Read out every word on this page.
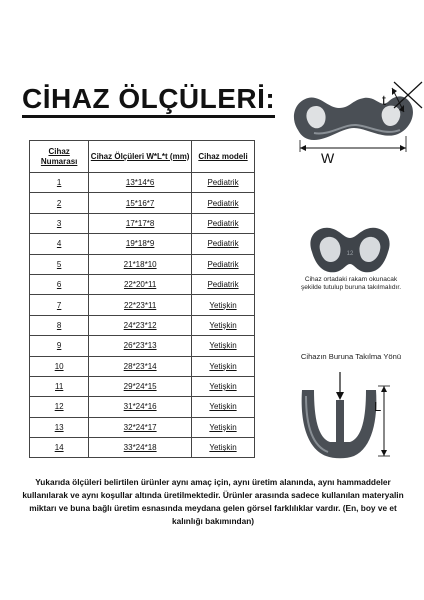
CİHAZ ÖLÇÜLERİ:
Cihaz Numarası	Cihaz Ölçüleri W*L*t (mm)	Cihaz modeli
1	13*14*6	Pediatrik
2	15*16*7	Pediatrik
3	17*17*8	Pediatrik
4	19*18*9	Pediatrik
5	21*18*10	Pediatrik
6	22*20*11	Pediatrik
7	22*23*11	Yetişkin
8	24*23*12	Yetişkin
9	26*23*13	Yetişkin
10	28*23*14	Yetişkin
11	29*24*15	Yetişkin
12	31*24*16	Yetişkin
13	32*24*17	Yetişkin
14	33*24*18	Yetişkin
W
t
12
Cihaz ortadaki rakam okunacak şekilde tutulup buruna takılmalıdır.
Cihazın Buruna Takılma Yönü
L
Yukarıda ölçüleri belirtilen ürünler aynı amaç için, aynı üretim alanında, aynı hammaddeler kullanılarak ve aynı koşullar altında üretilmektedir. Ürünler arasında sadece kullanılan materyalin miktarı ve buna bağlı üretim esnasında meydana gelen görsel farklılıklar vardır. (En, boy ve et kalınlığı bakımından)
